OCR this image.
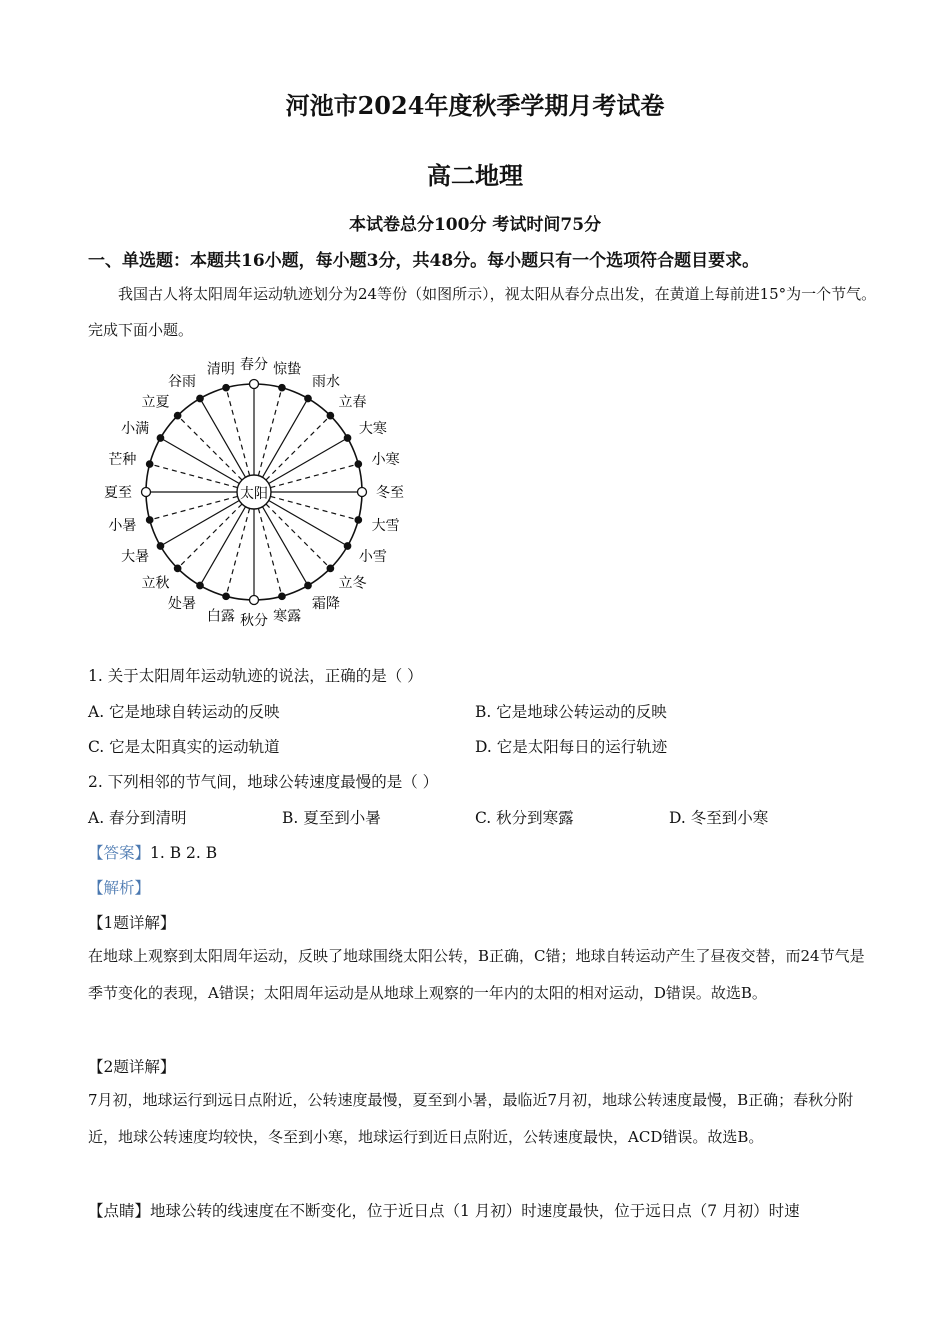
河池市2024年度秋季学期月考试卷
高二地理
本试卷总分100分 考试时间75分
一、单选题：本题共16小题，每小题3分，共48分。每小题只有一个选项符合题目要求。
我国古人将太阳周年运动轨迹划分为24等份（如图所示），视太阳从春分点出发，在黄道上每前进15°为一个节气。完成下面小题。
太阳
春分 惊蛰
雨水
立春
大寒
小寒
冬至
大雪
小雪
立冬
霜降
寒露
秋分
白露
处暑
立秋
大暑
小暑
夏至
芒种
小满
立夏
谷雨
清明
1. 关于太阳周年运动轨迹的说法，正确的是（ ）
A. 它是地球自转运动的反映	B. 它是地球公转运动的反映
C. 它是太阳真实的运动轨道	D. 它是太阳每日的运行轨迹
2. 下列相邻的节气间，地球公转速度最慢的是（ ）
A. 春分到清明	B. 夏至到小暑	C. 秋分到寒露	D. 冬至到小寒
【答案】1. B 2. B
【解析】
【1题详解】
在地球上观察到太阳周年运动，反映了地球围绕太阳公转，B正确，C错；地球自转运动产生了昼夜交替，而24节气是季节变化的表现，A错误；太阳周年运动是从地球上观察的一年内的太阳的相对运动，D错误。故选B。
【2题详解】
7月初，地球运行到远日点附近，公转速度最慢，夏至到小暑，最临近7月初，地球公转速度最慢，B正确；春秋分附近，地球公转速度均较快，冬至到小寒，地球运行到近日点附近，公转速度最快，ACD错误。故选B。
【点睛】地球公转的线速度在不断变化，位于近日点（1 月初）时速度最快，位于远日点（7 月初）时速
